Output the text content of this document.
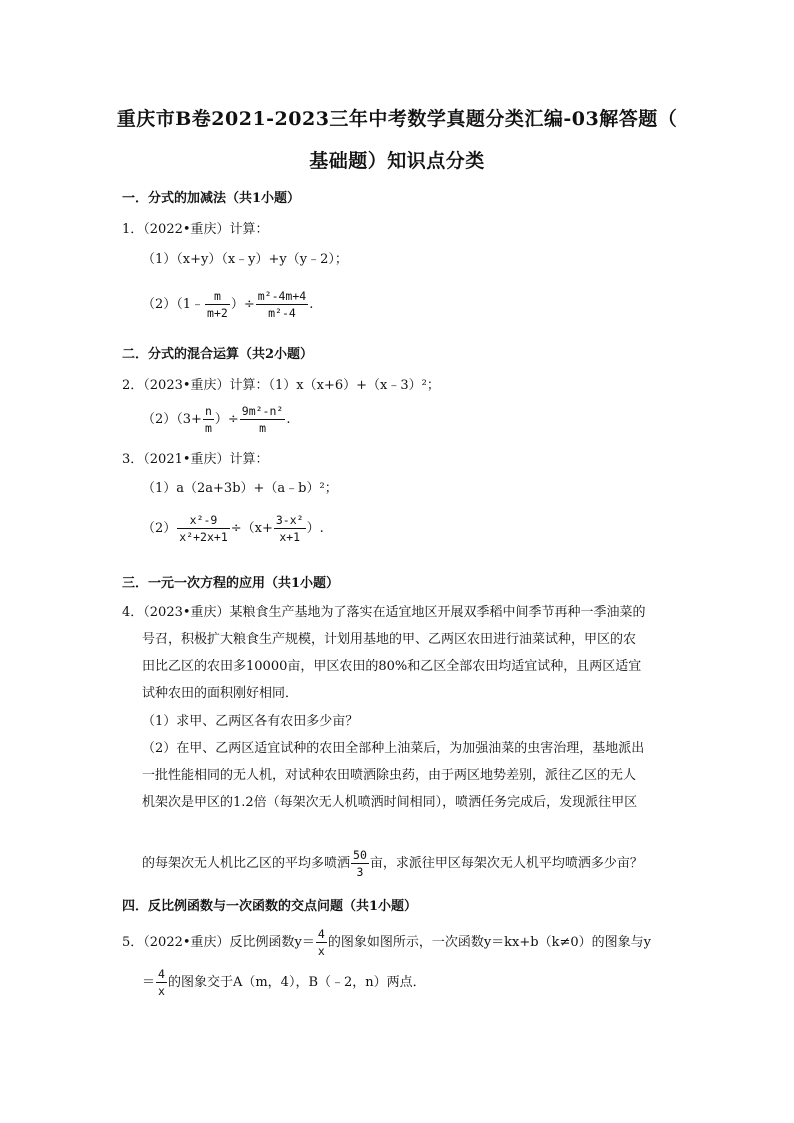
重庆市B卷2021-2023三年中考数学真题分类汇编-03解答题（
基础题）知识点分类
一．分式的加减法（共1小题）
1．（2022•重庆）计算：
（1）（x+y）（x﹣y）+y（y﹣2）；
（2）（1﹣ $\frac{m}{m+2}$ ）÷ $\frac{\text{m²-4m+4}}{\text{m²-4}}$ .
二．分式的混合运算（共2小题）
2．（2023•重庆）计算：（1）x（x+6）+（x﹣3）²；
$(2)(3+ \frac{n}{m}$ ）÷ $\frac{\text{9m²-n²}}{m}$ .
3．（2021•重庆）计算：
（1）a（2a+3b）+（a﹣b）²；
$(2) \frac{\text{x²-9}}{\text{x²+2x+1}} \div(x+ \frac{\text{3-x²}}{x+1}$ ）.
三．一元一次方程的应用（共1小题）
4．（2023•重庆）某粮食生产基地为了落实在适宜地区开展双季稻中间季节再种一季油菜的
号召，积极扩大粮食生产规模，计划用基地的甲、乙两区农田进行油菜试种，甲区的农
田比乙区的农田多10000亩，甲区农田的80%和乙区全部农田均适宜试种，且两区适宜
试种农田的面积刚好相同．
（1）求甲、乙两区各有农田多少亩？
（2）在甲、乙两区适宜试种的农田全部种上油菜后，为加强油菜的虫害治理，基地派出
一批性能相同的无人机，对试种农田喷洒除虫药，由于两区地势差别，派往乙区的无人
机架次是甲区的1.2倍（每架次无人机喷洒时间相同），喷洒任务完成后，发现派往甲区
的每架次无人机比乙区的平均多喷洒 $\frac{50}{3}$ 亩，求派往甲区每架次无人机平均喷洒多少亩？
四．反比例函数与一次函数的交点问题（共1小题）
5．（2022•重庆）反比例函数$y= \frac{4}{x}$ 的图象如图所示，一次函数y＝kx+b（k≠0）的图象与y
＝ $\frac{4}{x}$ 的图象交于A（m，4），B（﹣2，n）两点．
